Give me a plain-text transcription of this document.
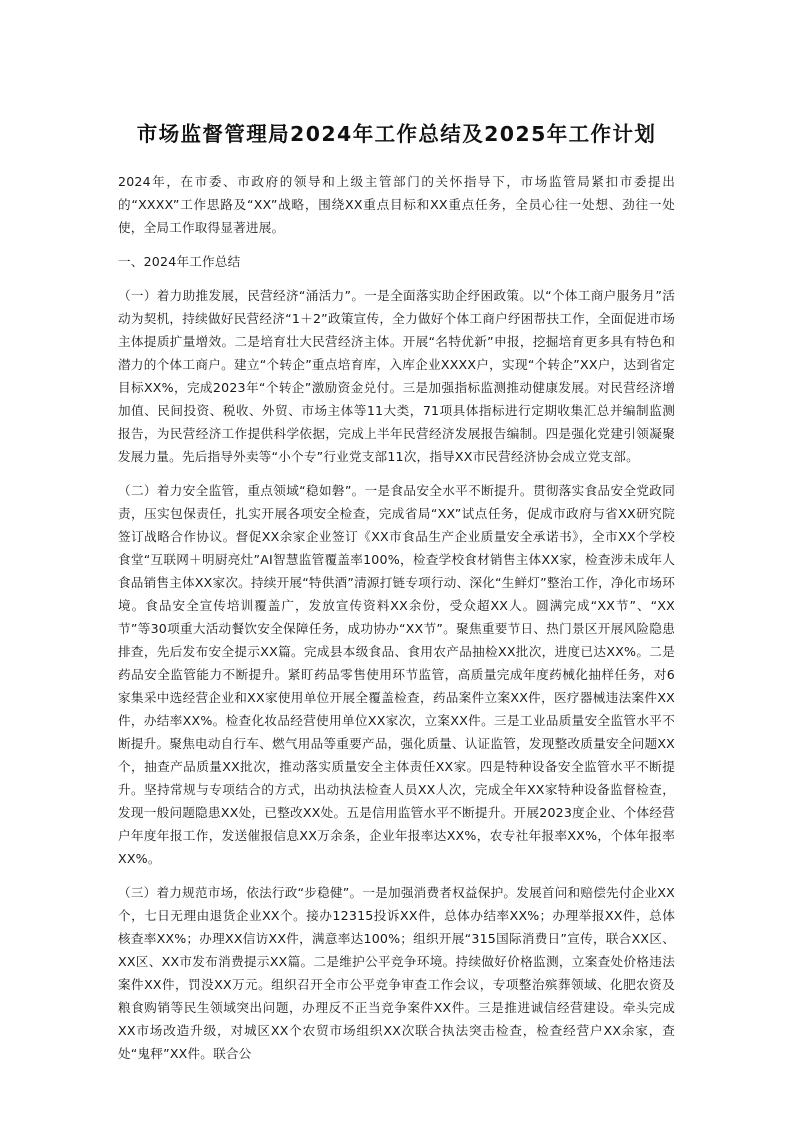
市场监督管理局2024年工作总结及2025年工作计划

2024年，在市委、市政府的领导和上级主管部门的关怀指导下，市场监管局紧扣市委提出的“XXXX”工作思路及“XX”战略，围绕XX重点目标和XX重点任务，全员心往一处想、劲往一处使，全局工作取得显著进展。

一、2024年工作总结

（一）着力助推发展，民营经济“涌活力”。一是全面落实助企纾困政策。以“个体工商户服务月”活动为契机，持续做好民营经济“1＋2”政策宣传，全力做好个体工商户纾困帮扶工作，全面促进市场主体提质扩量增效。二是培育壮大民营经济主体。开展“名特优新”申报，挖掘培育更多具有特色和潜力的个体工商户。建立“个转企”重点培育库，入库企业XXXX户，实现“个转企”XX户，达到省定目标XX%，完成2023年“个转企”激励资金兑付。三是加强指标监测推动健康发展。对民营经济增加值、民间投资、税收、外贸、市场主体等11大类，71项具体指标进行定期收集汇总并编制监测报告，为民营经济工作提供科学依据，完成上半年民营经济发展报告编制。四是强化党建引领凝聚发展力量。先后指导外卖等“小个专”行业党支部11次，指导XX市民营经济协会成立党支部。

（二）着力安全监管，重点领域“稳如磐”。一是食品安全水平不断提升。贯彻落实食品安全党政同责，压实包保责任，扎实开展各项安全检查，完成省局“XX”试点任务，促成市政府与省XX研究院签订战略合作协议。督促XX余家企业签订《XX市食品生产企业质量安全承诺书》，全市XX个学校食堂“互联网＋明厨亮灶”AI智慧监管覆盖率100%，检查学校食材销售主体XX家，检查涉未成年人食品销售主体XX家次。持续开展“特供酒”清源打链专项行动、深化“生鲜灯”整治工作，净化市场环境。食品安全宣传培训覆盖广，发放宣传资料XX余份，受众超XX人。圆满完成“XX节”、“XX节”等30项重大活动餐饮安全保障任务，成功协办“XX节”。聚焦重要节日、热门景区开展风险隐患排查，先后发布安全提示XX篇。完成县本级食品、食用农产品抽检XX批次，进度已达XX%。二是药品安全监管能力不断提升。紧盯药品零售使用环节监管，高质量完成年度药械化抽样任务，对6家集采中选经营企业和XX家使用单位开展全覆盖检查，药品案件立案XX件，医疗器械违法案件XX件，办结率XX%。检查化妆品经营使用单位XX家次，立案XX件。三是工业品质量安全监管水平不断提升。聚焦电动自行车、燃气用品等重要产品，强化质量、认证监管，发现整改质量安全问题XX个，抽查产品质量XX批次，推动落实质量安全主体责任XX家。四是特种设备安全监管水平不断提升。坚持常规与专项结合的方式，出动执法检查人员XX人次，完成全年XX家特种设备监督检查，发现一般问题隐患XX处，已整改XX处。五是信用监管水平不断提升。开展2023度企业、个体经营户年度年报工作，发送催报信息XX万余条，企业年报率达XX%，农专社年报率XX%，个体年报率XX%。

（三）着力规范市场，依法行政“步稳健”。一是加强消费者权益保护。发展首问和赔偿先付企业XX个，七日无理由退货企业XX个。接办12315投诉XX件，总体办结率XX%；办理举报XX件，总体核查率XX%；办理XX信访XX件，满意率达100%；组织开展“315国际消费日”宣传，联合XX区、XX区、XX市发布消费提示XX篇。二是维护公平竞争环境。持续做好价格监测，立案查处价格违法案件XX件，罚没XX万元。组织召开全市公平竞争审查工作会议，专项整治殡葬领域、化肥农资及粮食购销等民生领域突出问题，办理反不正当竞争案件XX件。三是推进诚信经营建设。牵头完成XX市场改造升级，对城区XX个农贸市场组织XX次联合执法突击检查，检查经营户XX余家，查处“鬼秤”XX件。联合公
